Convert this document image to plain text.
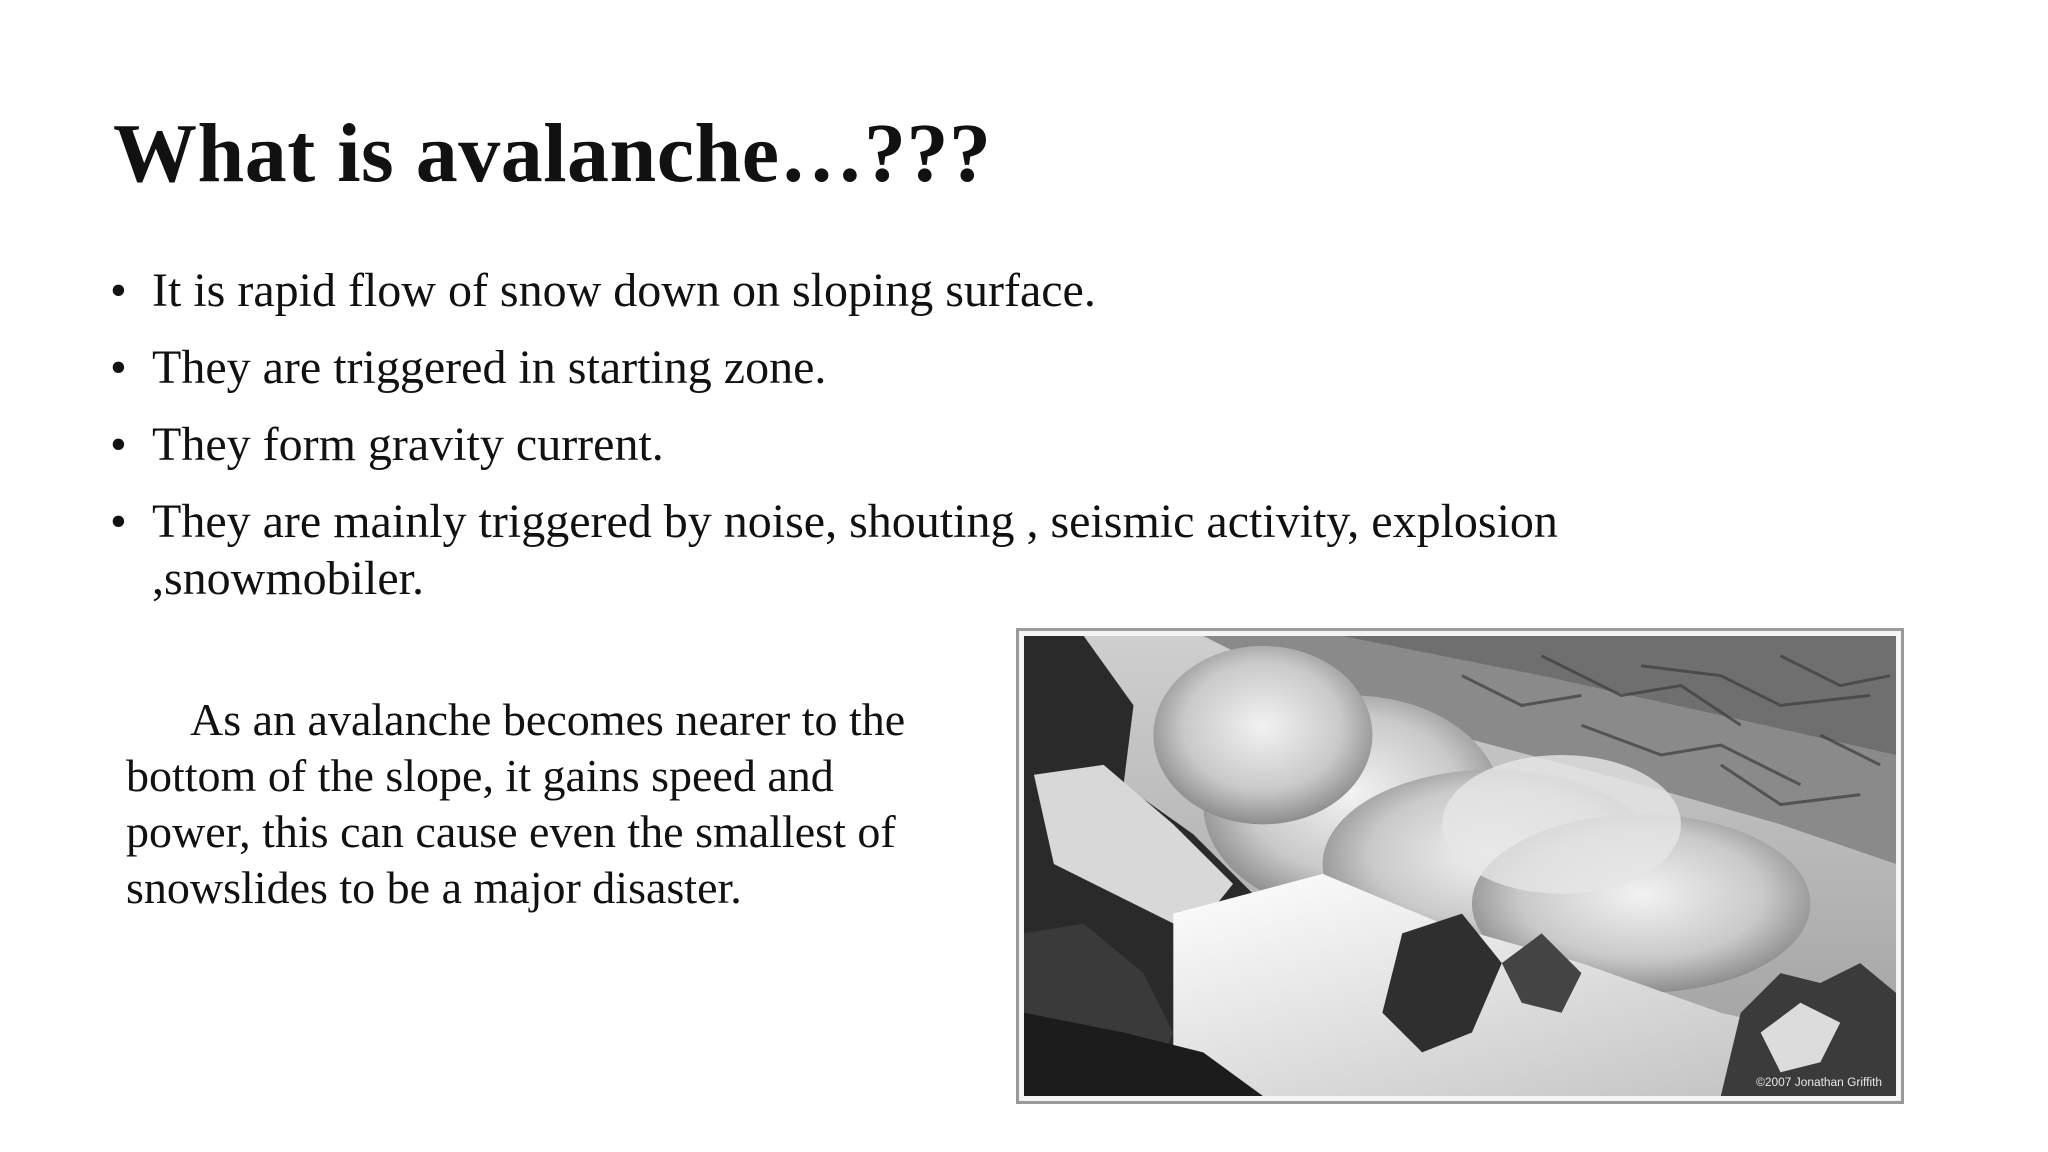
What is avalanche…???
• It is rapid flow of snow down on sloping surface.
• They are triggered in starting zone.
• They form gravity current.
• They are mainly triggered by noise, shouting , seismic activity, explosion ,snowmobiler.
As an avalanche becomes nearer to the bottom of the slope, it gains speed and power, this can cause even the smallest of snowslides to be a major disaster.
©2007 Jonathan Griffith
